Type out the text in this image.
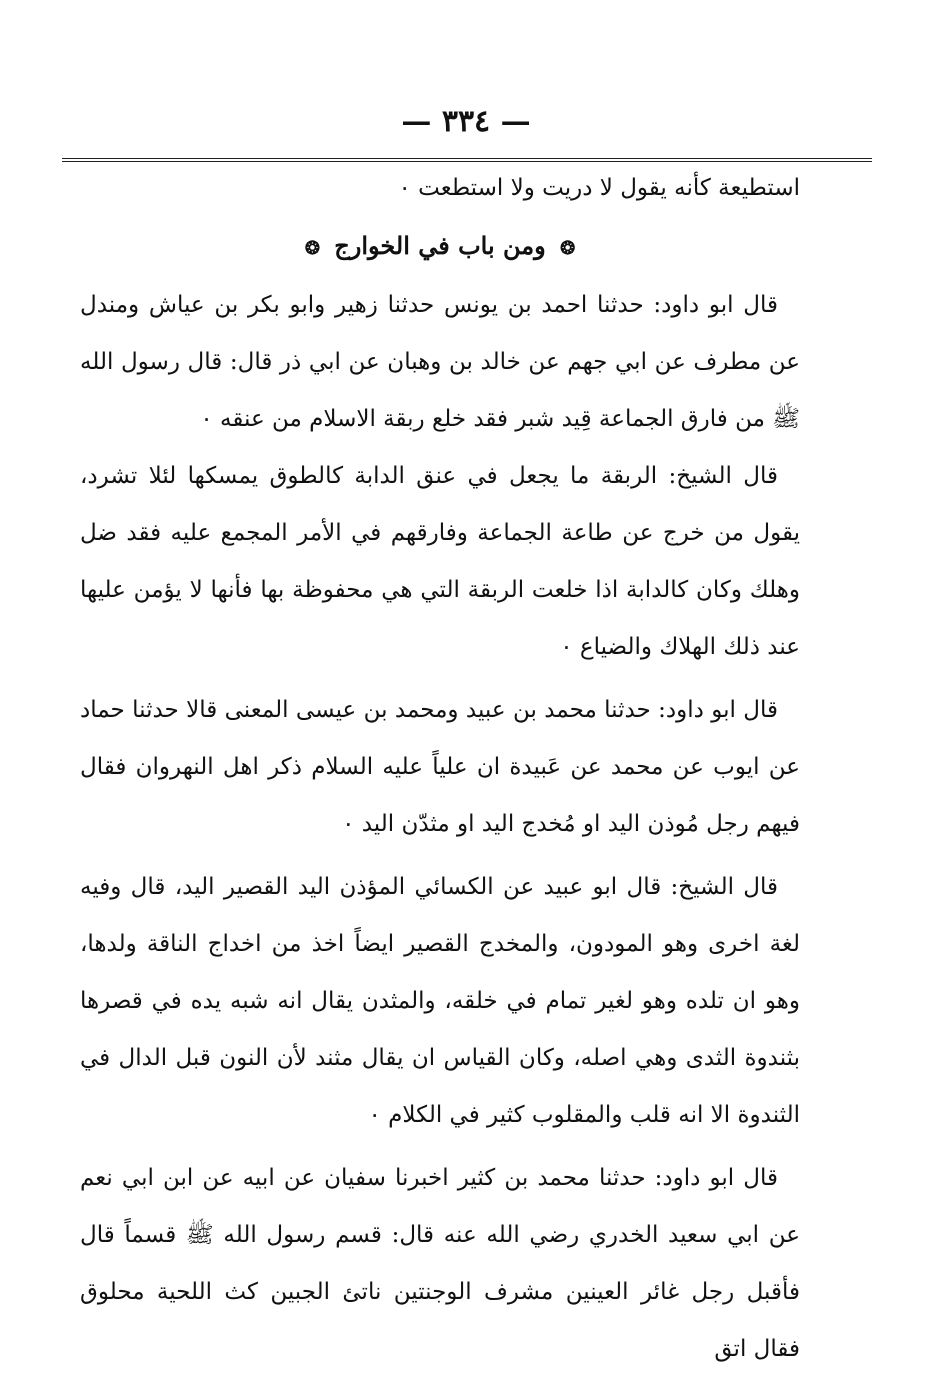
— ٣٣٤ —

استطيعة كأنه يقول لا دريت ولا استطعت ٠

❂ ومن باب في الخوارج ❂

قال ابو داود: حدثنا احمد بن يونس حدثنا زهير وابو بكر بن عياش ومندل عن مطرف عن ابي جهم عن خالد بن وهبان عن ابي ذر قال: قال رسول الله ﷺ من فارق الجماعة قِيد شبر فقد خلع ربقة الاسلام من عنقه ٠

قال الشيخ: الربقة ما يجعل في عنق الدابة كالطوق يمسكها لئلا تشرد، يقول من خرج عن طاعة الجماعة وفارقهم في الأمر المجمع عليه فقد ضل وهلك وكان كالدابة اذا خلعت الربقة التي هي محفوظة بها فأنها لا يؤمن عليها عند ذلك الهلاك والضياع ٠

قال ابو داود: حدثنا محمد بن عبيد ومحمد بن عيسى المعنى قالا حدثنا حماد عن ايوب عن محمد عن عَبيدة ان علياً عليه السلام ذكر اهل النهروان فقال فيهم رجل مُوذن اليد او مُخدج اليد او مثدّن اليد ٠

قال الشيخ: قال ابو عبيد عن الكسائي المؤذن اليد القصير اليد، قال وفيه لغة اخرى وهو المودون، والمخدج القصير ايضاً اخذ من اخداج الناقة ولدها، وهو ان تلده وهو لغير تمام في خلقه، والمثدن يقال انه شبه يده في قصرها بثندوة الثدى وهي اصله، وكان القياس ان يقال مثند لأن النون قبل الدال في الثندوة الا انه قلب والمقلوب كثير في الكلام ٠

قال ابو داود: حدثنا محمد بن كثير اخبرنا سفيان عن ابيه عن ابن ابي نعم عن ابي سعيد الخدري رضي الله عنه قال: قسم رسول الله ﷺ قسماً قال فأقبل رجل غائر العينين مشرف الوجنتين ناتئ الجبين كث اللحية محلوق فقال اتق
